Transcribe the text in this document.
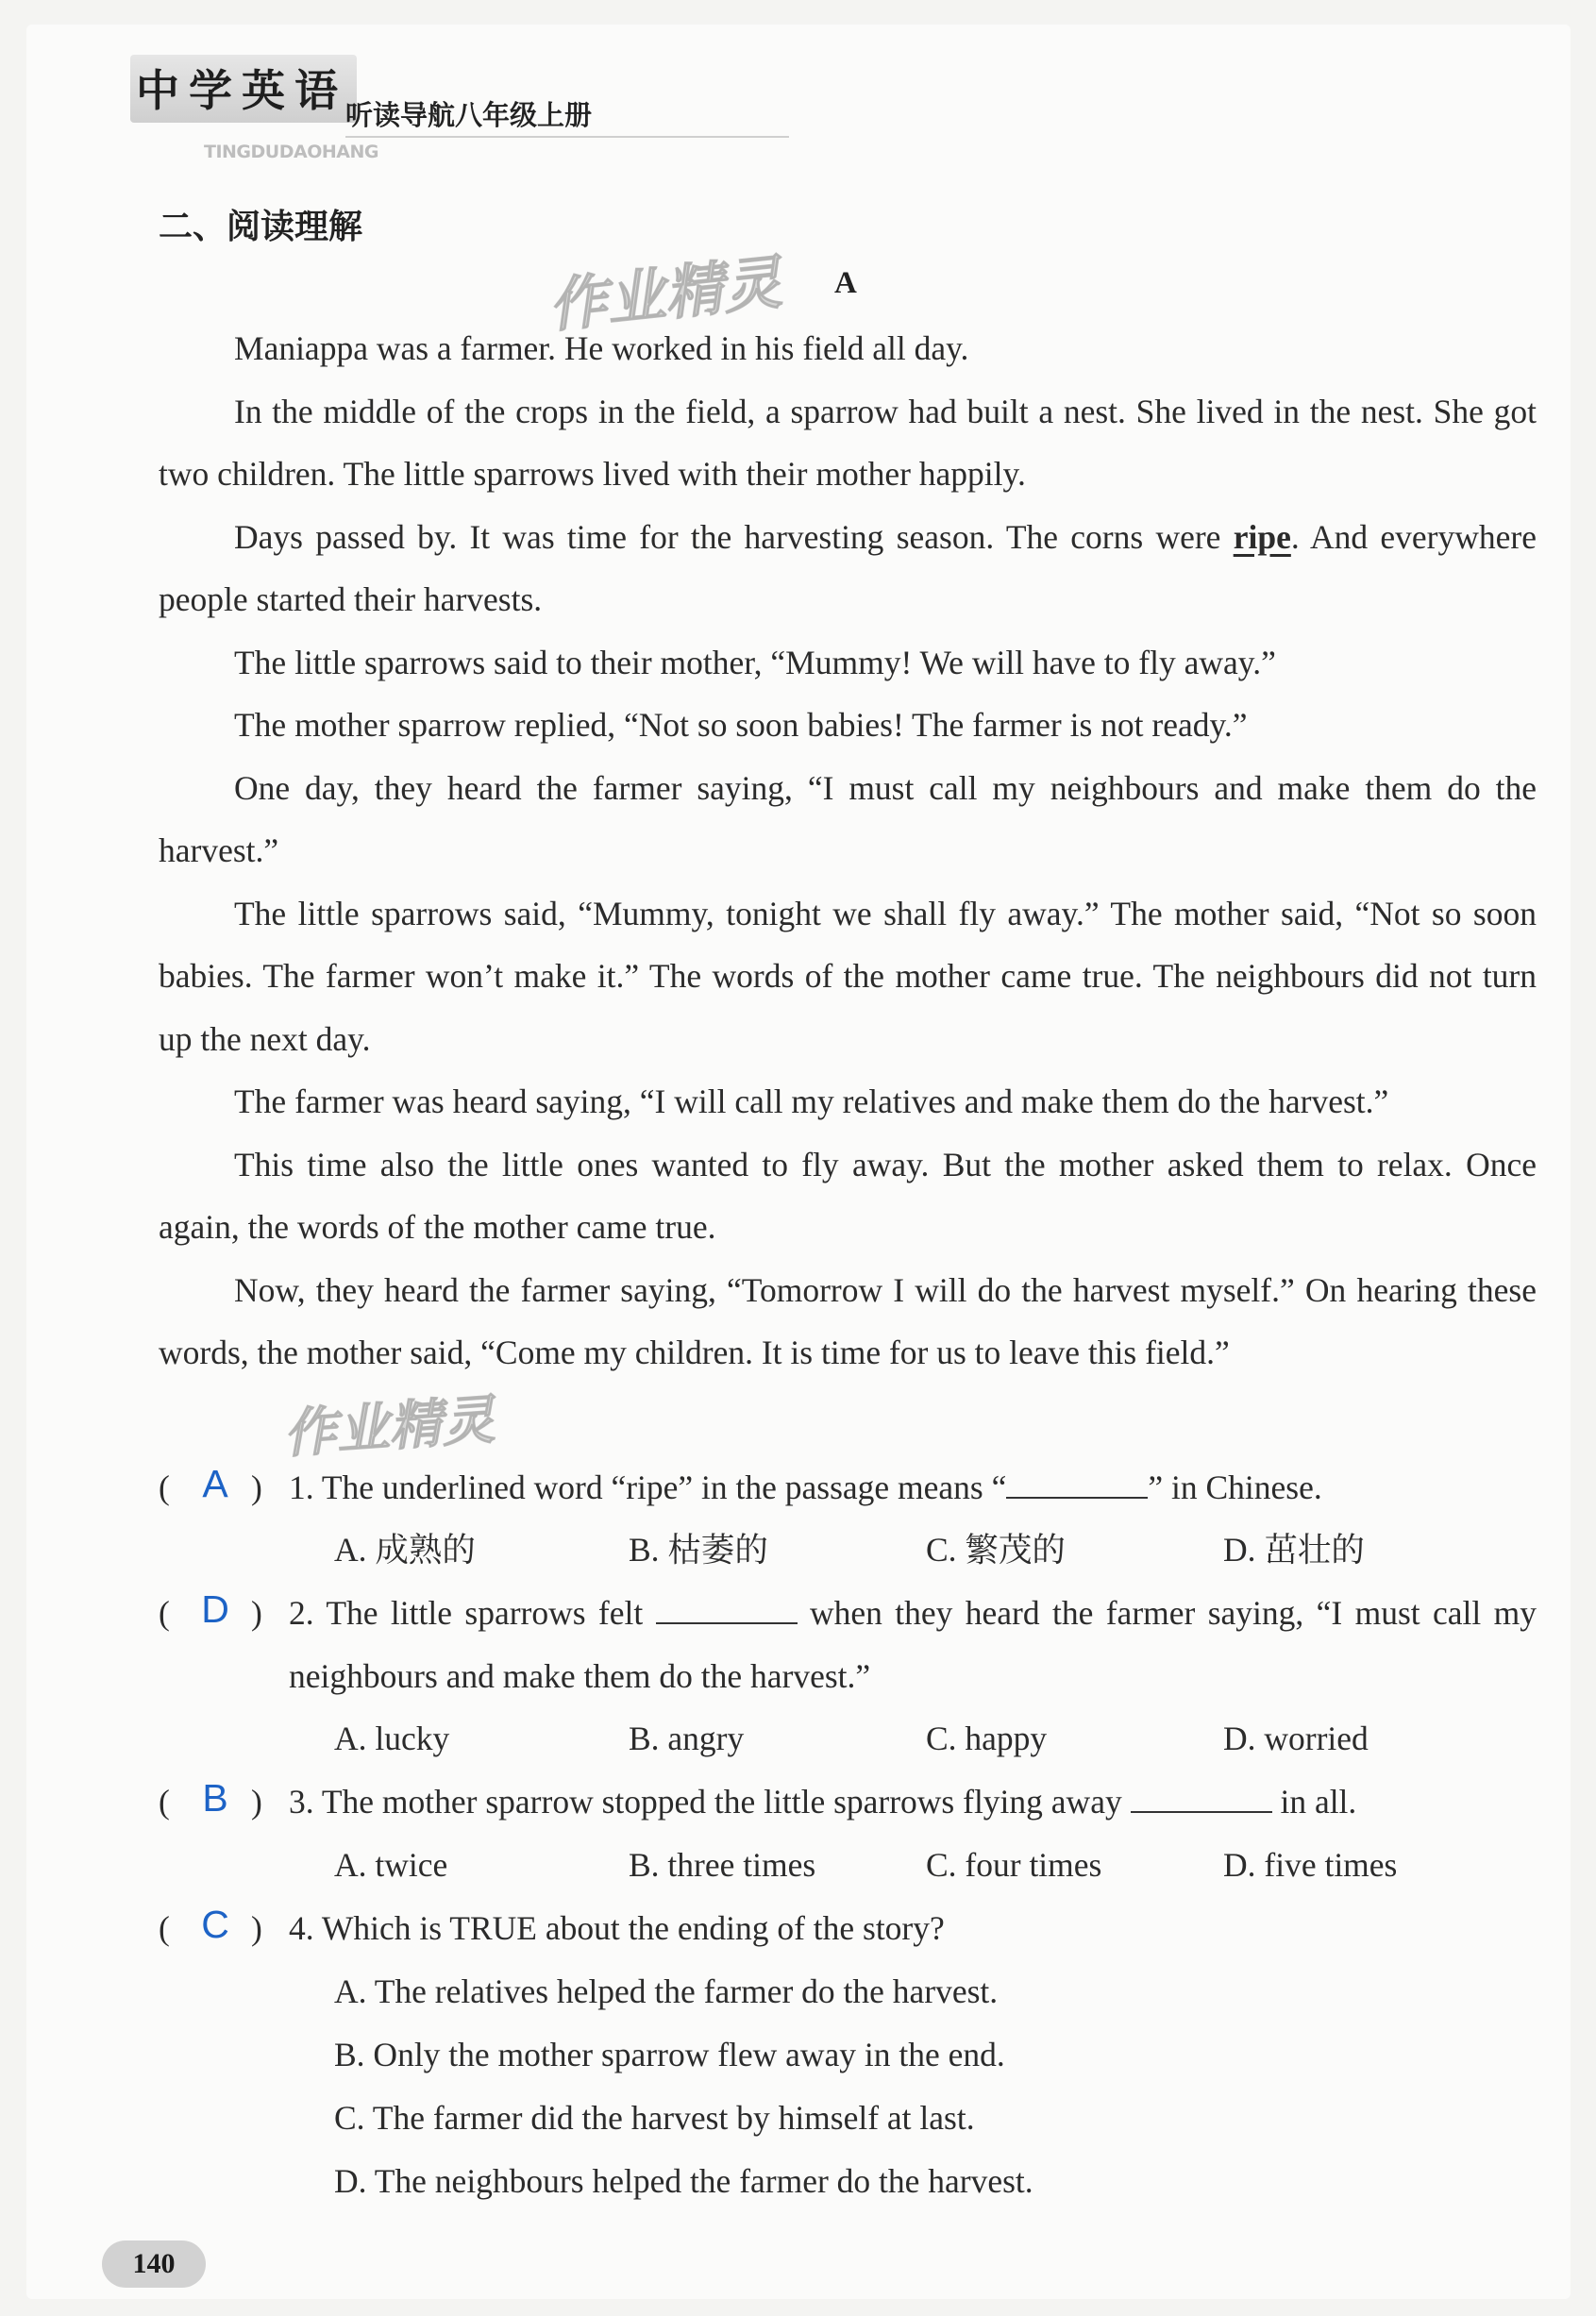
中学英语
听读导航八年级上册
TINGDUDAOHANG
二、阅读理解
A
作业精灵

Maniappa was a farmer. He worked in his field all day.

In the middle of the crops in the field, a sparrow had built a nest. She lived in the nest. She got two children. The little sparrows lived with their mother happily.

Days passed by. It was time for the harvesting season. The corns were ripe. And everywhere people started their harvests.

The little sparrows said to their mother, “Mummy! We will have to fly away.”

The mother sparrow replied, “Not so soon babies! The farmer is not ready.”

One day, they heard the farmer saying, “I must call my neighbours and make them do the harvest.”

The little sparrows said, “Mummy, tonight we shall fly away.” The mother said, “Not so soon babies. The farmer won’t make it.” The words of the mother came true. The neighbours did not turn up the next day.

The farmer was heard saying, “I will call my relatives and make them do the harvest.”

This time also the little ones wanted to fly away. But the mother asked them to relax. Once again, the words of the mother came true.

Now, they heard the farmer saying, “Tomorrow I will do the harvest myself.” On hearing these words, the mother said, “Come my children. It is time for us to leave this field.”

作业精灵
( A ) 1. The underlined word “ripe” in the passage means “	” in Chinese.
A. 成熟的	B. 枯萎的	C. 繁茂的	D. 茁壮的
( D ) 2. The little sparrows felt	when they heard the farmer saying, “I must call my neighbours and make them do the harvest.”
A. lucky	B. angry	C. happy	D. worried
( B ) 3. The mother sparrow stopped the little sparrows flying away	in all.
A. twice	B. three times	C. four times	D. five times
( C ) 4. Which is TRUE about the ending of the story?
A. The relatives helped the farmer do the harvest.
B. Only the mother sparrow flew away in the end.
C. The farmer did the harvest by himself at last.
D. The neighbours helped the farmer do the harvest.
140
